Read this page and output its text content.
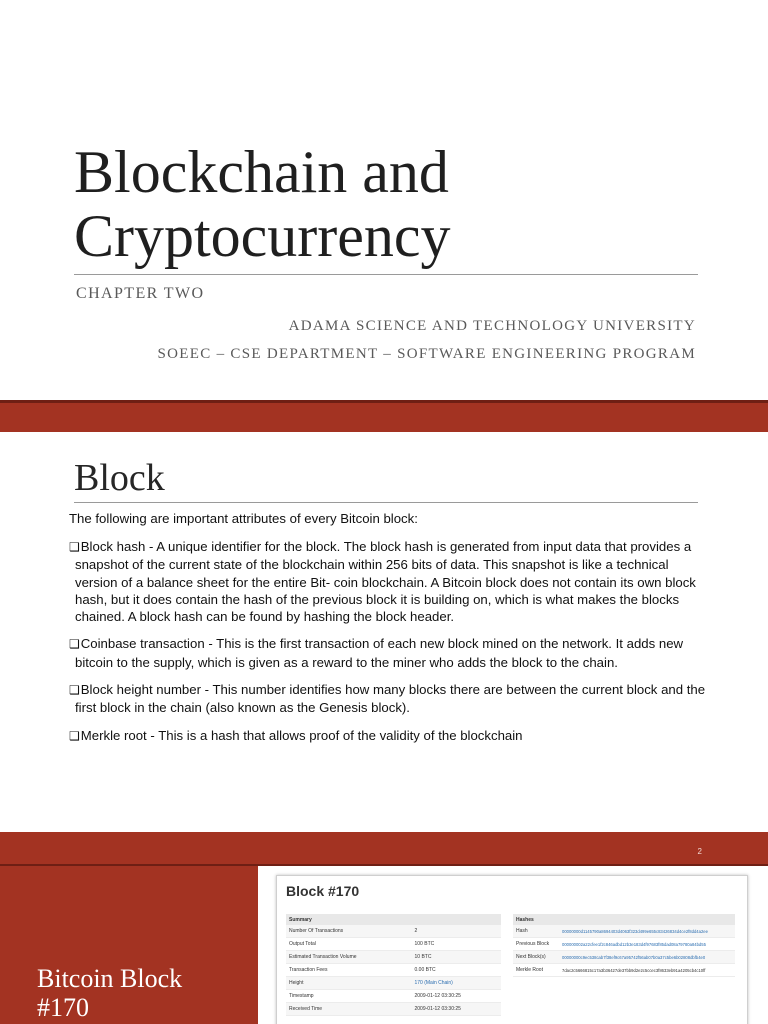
Blockchain and
Cryptocurrency
CHAPTER TWO
ADAMA SCIENCE AND TECHNOLOGY UNIVERSITY
SOEEC – CSE DEPARTMENT – SOFTWARE ENGINEERING PROGRAM
Block

The following are important attributes of every Bitcoin block:

❑Block hash - A unique identifier for the block. The block hash is generated from input data that provides a snapshot of the current state of the blockchain within 256 bits of data. This snapshot is like a technical version of a balance sheet for the entire Bit- coin blockchain. A Bitcoin block does not contain its own block hash, but it does contain the hash of the previous block it is building on, which is what makes the blocks chained. A block hash can be found by hashing the block header.
❑Coinbase transaction - This is the first transaction of each new block mined on the network. It adds new bitcoin to the supply, which is given as a reward to the miner who adds the block to the chain.
❑Block height number - This number identifies how many blocks there are between the current block and the first block in the chain (also known as the Genesis block).
❑Merkle root - This is a hash that allows proof of the validity of the blockchain
2
Bitcoin Block
#170
Block #170
Summary	
Number Of Transactions	2
Output Total	100 BTC
Estimated Transaction Volume	10 BTC
Transaction Fees	0.00 BTC
Height	170 (Main Chain)
Timestamp	2009-01-12 03:30:25
Received Time	2009-01-12 03:30:25
Hashes	
Hash	00000000d1145790a8694403d4063f323d499e655c83426834d4ce2f8dd4a2ee
Previous Block	000000002a22cfee1f2c846adbd12b3e183d4f97683f85dad08a79780a84bd55
Next Block(s)	00000000c9ec538cab7f38ef9c67a95742f56ab07b0a37c5be6b02808dbfb4e0
Merkle Root	7dac2c5666815c17a3b36427de37bb9d2e2c5ccec3f8633eb91a4205cb4c10ff
